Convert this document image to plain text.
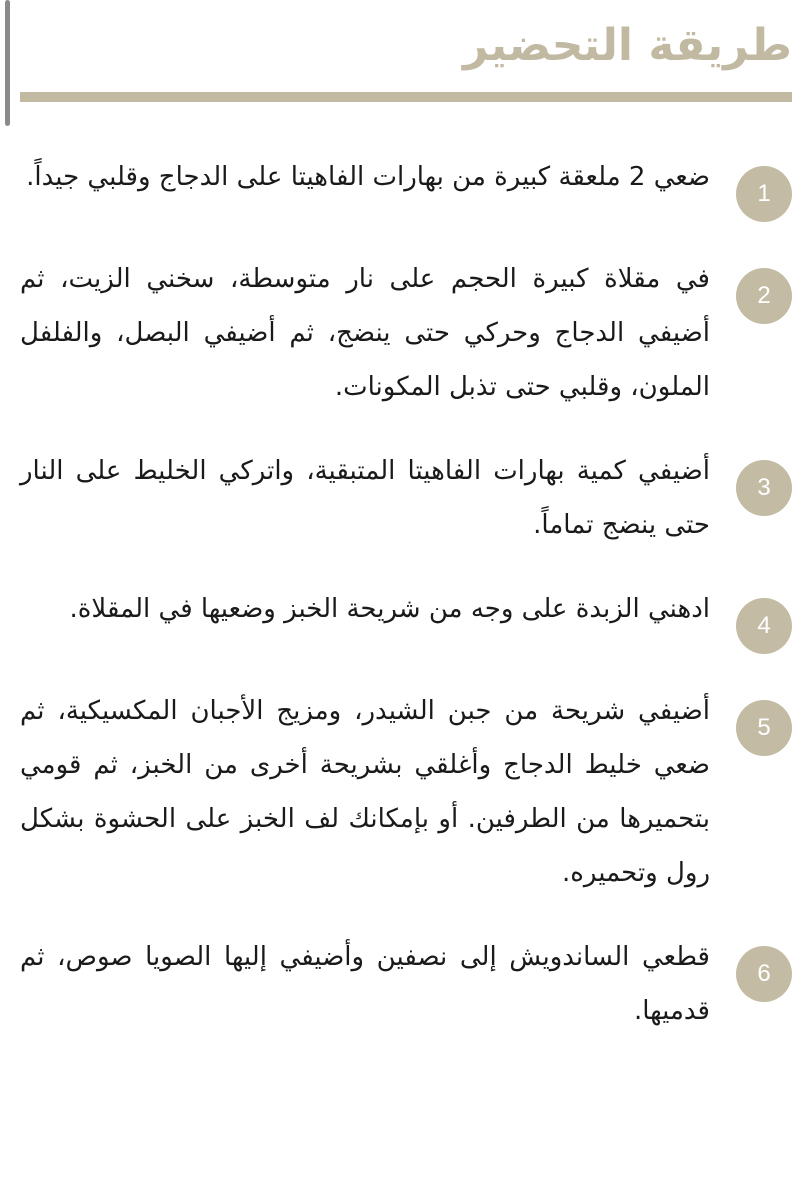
طريقة التحضير
1

ضعي 2 ملعقة كبيرة من بهارات الفاهيتا على الدجاج وقلبي جيداً.

2

في مقلاة كبيرة الحجم على نار متوسطة، سخني الزيت، ثم أضيفي الدجاج وحركي حتى ينضج، ثم أضيفي البصل، والفلفل الملون، وقلبي حتى تذبل المكونات.

3

أضيفي كمية بهارات الفاهيتا المتبقية، واتركي الخليط على النار حتى ينضج تماماً.

4

ادهني الزبدة على وجه من شريحة الخبز وضعيها في المقلاة.

5

أضيفي شريحة من جبن الشيدر، ومزيج الأجبان المكسيكية، ثم ضعي خليط الدجاج وأغلقي بشريحة أخرى من الخبز، ثم قومي بتحميرها من الطرفين. أو بإمكانك لف الخبز على الحشوة بشكل رول وتحميره.

6

قطعي الساندويش إلى نصفين وأضيفي إليها الصويا صوص، ثم قدميها.
